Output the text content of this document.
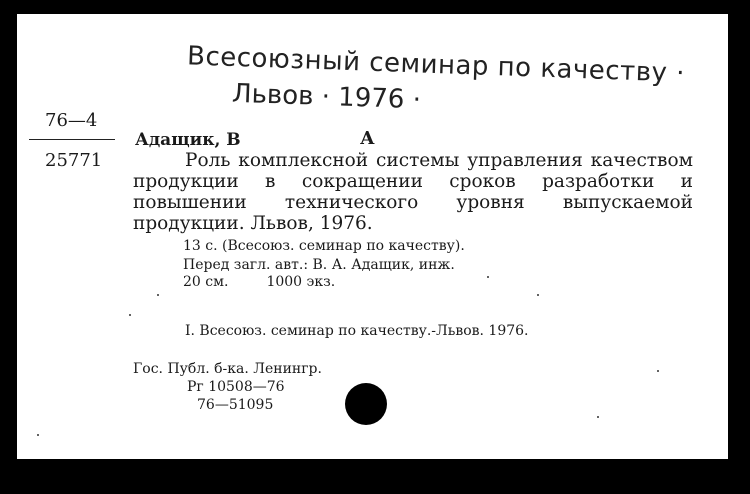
Всесоюзный семинар по качеству ·
Львов · 1976 ·
76—4
25771
Адащик, В	А
Роль комплексной системы управления качеством продукции в сокращении сроков разработки и повышении технического уровня выпускаемой продукции. Львов, 1976.
13 с. (Всесоюз. семинар по качеству).
Перед загл. авт.: В. А. Адащик, инж.
20 см.	1000 экз.
I. Всесоюз. семинар по качеству.-Львов. 1976.
Гос. Публ. б-ка. Ленингр.
Рг 10508—76
76—51095
